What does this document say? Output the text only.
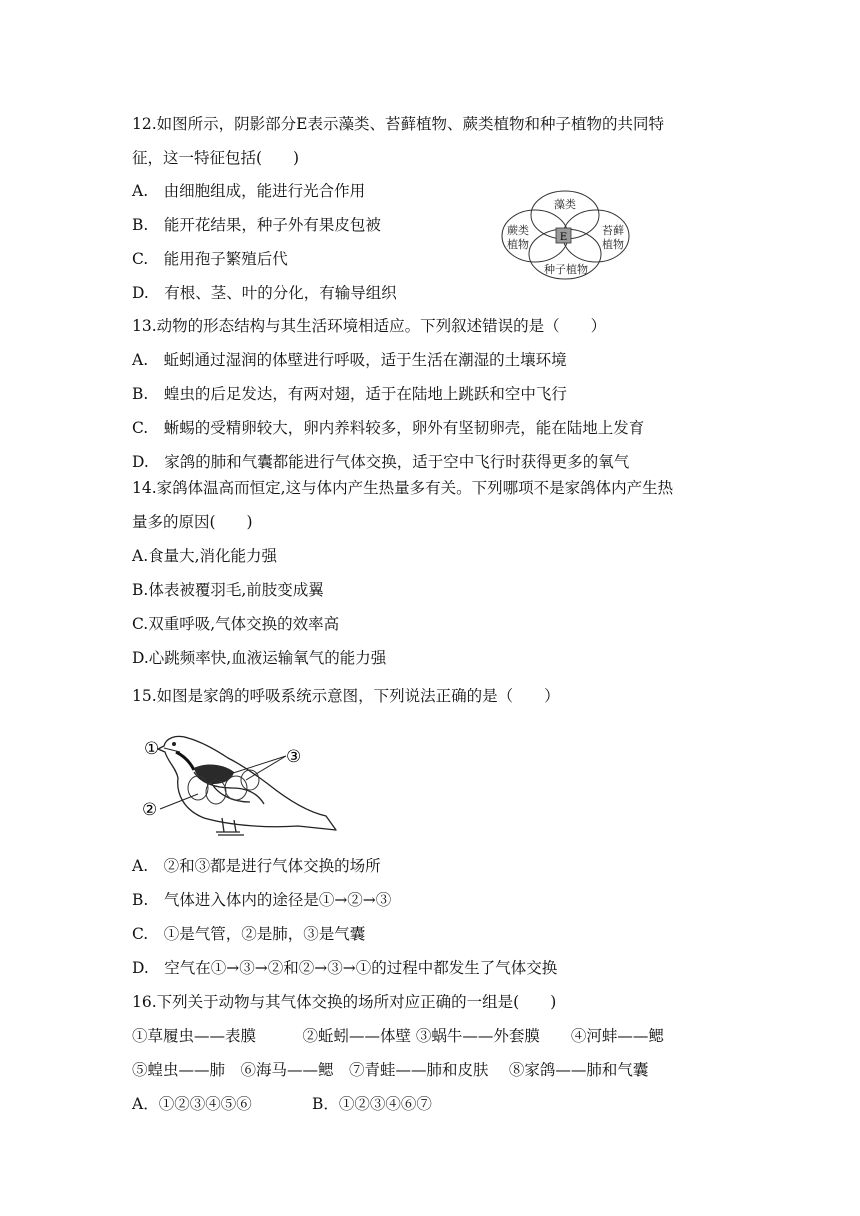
12.如图所示，阴影部分E表示藻类、苔藓植物、蕨类植物和种子植物的共同特
征，这一特征包括(　　)
A.　由细胞组成，能进行光合作用
B.　能开花结果，种子外有果皮包被
C.　能用孢子繁殖后代
D.　有根、茎、叶的分化，有输导组织
E
藻类
蕨类
植物
苔藓
植物
种子植物
13.动物的形态结构与其生活环境相适应。下列叙述错误的是（　　）
A.　蚯蚓通过湿润的体壁进行呼吸，适于生活在潮湿的土壤环境
B.　蝗虫的后足发达，有两对翅，适于在陆地上跳跃和空中飞行
C.　蜥蜴的受精卵较大，卵内养料较多，卵外有坚韧卵壳，能在陆地上发育
D.　家鸽的肺和气囊都能进行气体交换，适于空中飞行时获得更多的氧气
14.家鸽体温高而恒定,这与体内产生热量多有关。下列哪项不是家鸽体内产生热
量多的原因(　　)
A.食量大,消化能力强
B.体表被覆羽毛,前肢变成翼
C.双重呼吸,气体交换的效率高
D.心跳频率快,血液运输氧气的能力强
15.如图是家鸽的呼吸系统示意图，下列说法正确的是（　　）
①
②
③
A.　②和③都是进行气体交换的场所
B.　气体进入体内的途径是①→②→③
C.　①是气管，②是肺，③是气囊
D.　空气在①→③→②和②→③→①的过程中都发生了气体交换
16.下列关于动物与其气体交换的场所对应正确的一组是(　　)
①草履虫——表膜　　　②蚯蚓——体壁 ③蜗牛——外套膜　　④河蚌——鳃
⑤蝗虫——肺　⑥海马——鳃　⑦青蛙——肺和皮肤　 ⑧家鸽——肺和气囊
A．①②③④⑤⑥	B．①②③④⑥⑦
